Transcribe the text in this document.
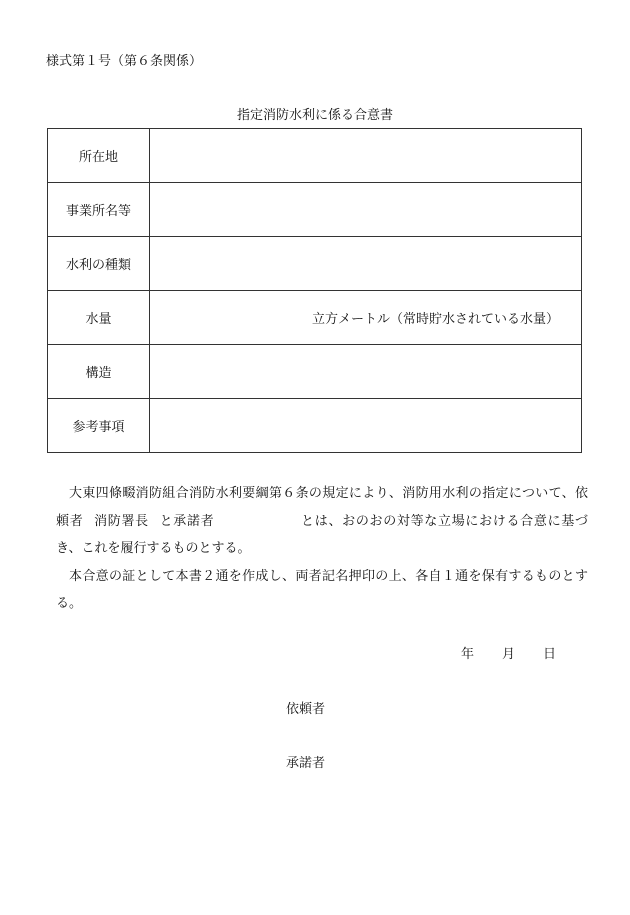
様式第１号（第６条関係）
指定消防水利に係る合意書
所在地	
事業所名等	
水利の種類	
水量	立方メートル（常時貯水されている水量）
構造	
参考事項	

大東四條畷消防組合消防水利要綱第６条の規定により、消防用水利の指定について、依頼者 消防署長 と承諾者	とは、おのおの対等な立場における合意に基づき、これを履行するものとする。

本合意の証として本書２通を作成し、両者記名押印の上、各自１通を保有するものとする。

年 月 日
依頼者
承諾者
